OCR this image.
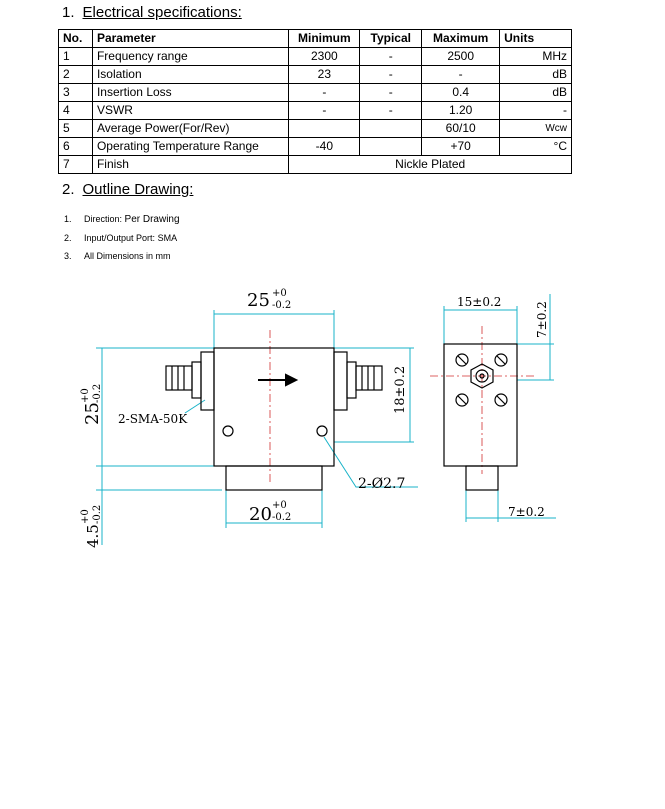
1. Electrical specifications:
No.	Parameter	Minimum	Typical	Maximum	Units
1	Frequency range	2300	-	2500	MHz
2	Isolation	23	-	-	dB
3	Insertion Loss	-	-	0.4	dB
4	VSWR	-	-	1.20	-
5	Average Power(For/Rev)			60/10	Wcw
6	Operating Temperature Range	-40		+70	°C
7	Finish	Nickle Plated			
2. Outline Drawing:
1. Direction: Per Drawing
2. Input/Output Port: SMA
3. All Dimensions in mm
25 +0
-0.2
25
+0 -0.2
4.5
+0 -0.2
18±0.2
20 +0
-0.2
2-SMA-50K
2-Ø2.7
15±0.2	7±0.2
7±0.2
